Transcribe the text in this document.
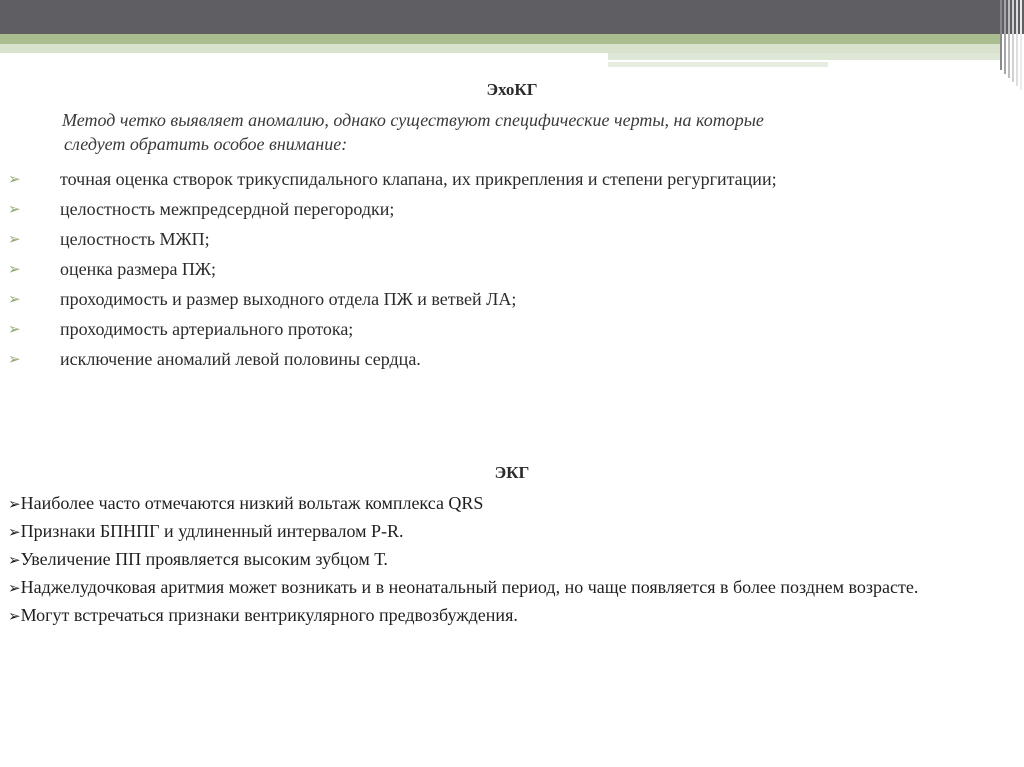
ЭхоКГ
Метод четко выявляет аномалию, однако существуют специфические черты, на которые
следует обратить особое внимание:
➢ точная оценка створок трикуспидального клапана, их прикрепления и степени регургитации;
➢ целостность межпредсердной перегородки;
➢ целостность МЖП;
➢ оценка размера ПЖ;
➢ проходимость и размер выходного отдела ПЖ и ветвей ЛА;
➢ проходимость артериального протока;
➢ исключение аномалий левой половины сердца.
ЭКГ
➢Наиболее часто отмечаются низкий вольтаж комплекса QRS
➢Признаки БПНПГ и удлиненный интервалом P-R.
➢Увеличение ПП проявляется высоким зубцом Т.
➢Наджелудочковая аритмия может возникать и в неонатальный период, но чаще появляется в более позднем возрасте.
➢Могут встречаться признаки вентрикулярного предвозбуждения.
